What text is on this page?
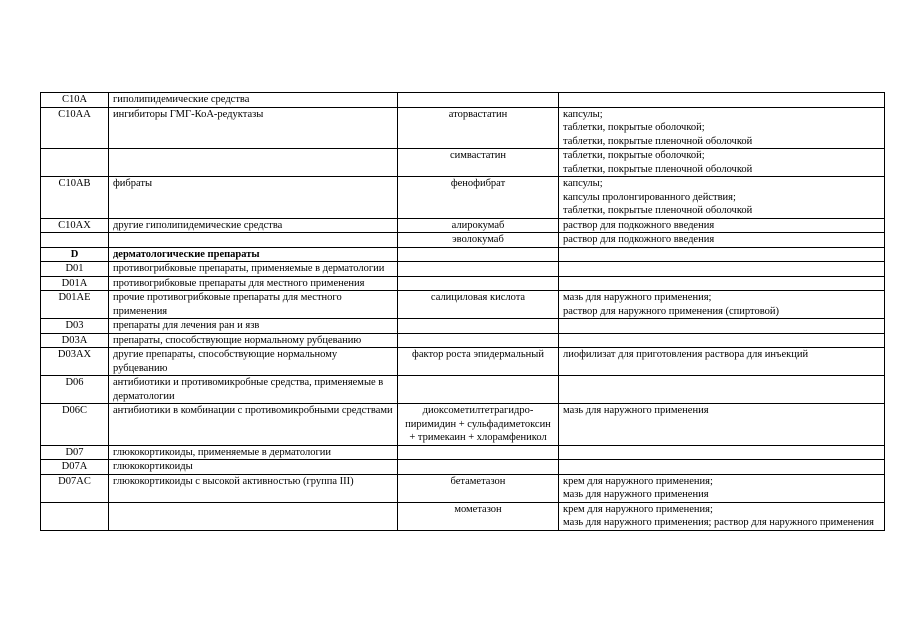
C10A	гиполипидемические средства		
C10AA	ингибиторы ГМГ-КоА-редуктазы	аторвастатин	капсулы;
таблетки, покрытые оболочкой;
таблетки, покрытые пленочной оболочкой
		симвастатин	таблетки, покрытые оболочкой;
таблетки, покрытые пленочной оболочкой
C10AB	фибраты	фенофибрат	капсулы;
капсулы пролонгированного действия;
таблетки, покрытые пленочной оболочкой
C10AX	другие гиполипидемические средства	алирокумаб	раствор для подкожного введения
		эволокумаб	раствор для подкожного введения
D	дерматологические препараты		
D01	противогрибковые препараты, применяемые в дерматологии		
D01A	противогрибковые препараты для местного применения		
D01AE	прочие противогрибковые препараты для местного применения	салициловая кислота	мазь для наружного применения;
раствор для наружного применения (спиртовой)
D03	препараты для лечения ран и язв		
D03A	препараты, способствующие нормальному рубцеванию		
D03AX	другие препараты, способствующие нормальному рубцеванию	фактор роста эпидермальный	лиофилизат для приготовления раствора для инъекций
D06	антибиотики и противомикробные средства, применяемые в дерматологии		
D06C	антибиотики в комбинации с противомикробными средствами	диоксометилтетрагидро-пиримидин + сульфадиметоксин + тримекаин + хлорамфеникол	мазь для наружного применения
D07	глюкокортикоиды, применяемые в дерматологии		
D07A	глюкокортикоиды		
D07AC	глюкокортикоиды с высокой активностью (группа III)	бетаметазон	крем для наружного применения;
мазь для наружного применения
		мометазон	крем для наружного применения;
мазь для наружного применения; раствор для наружного применения
